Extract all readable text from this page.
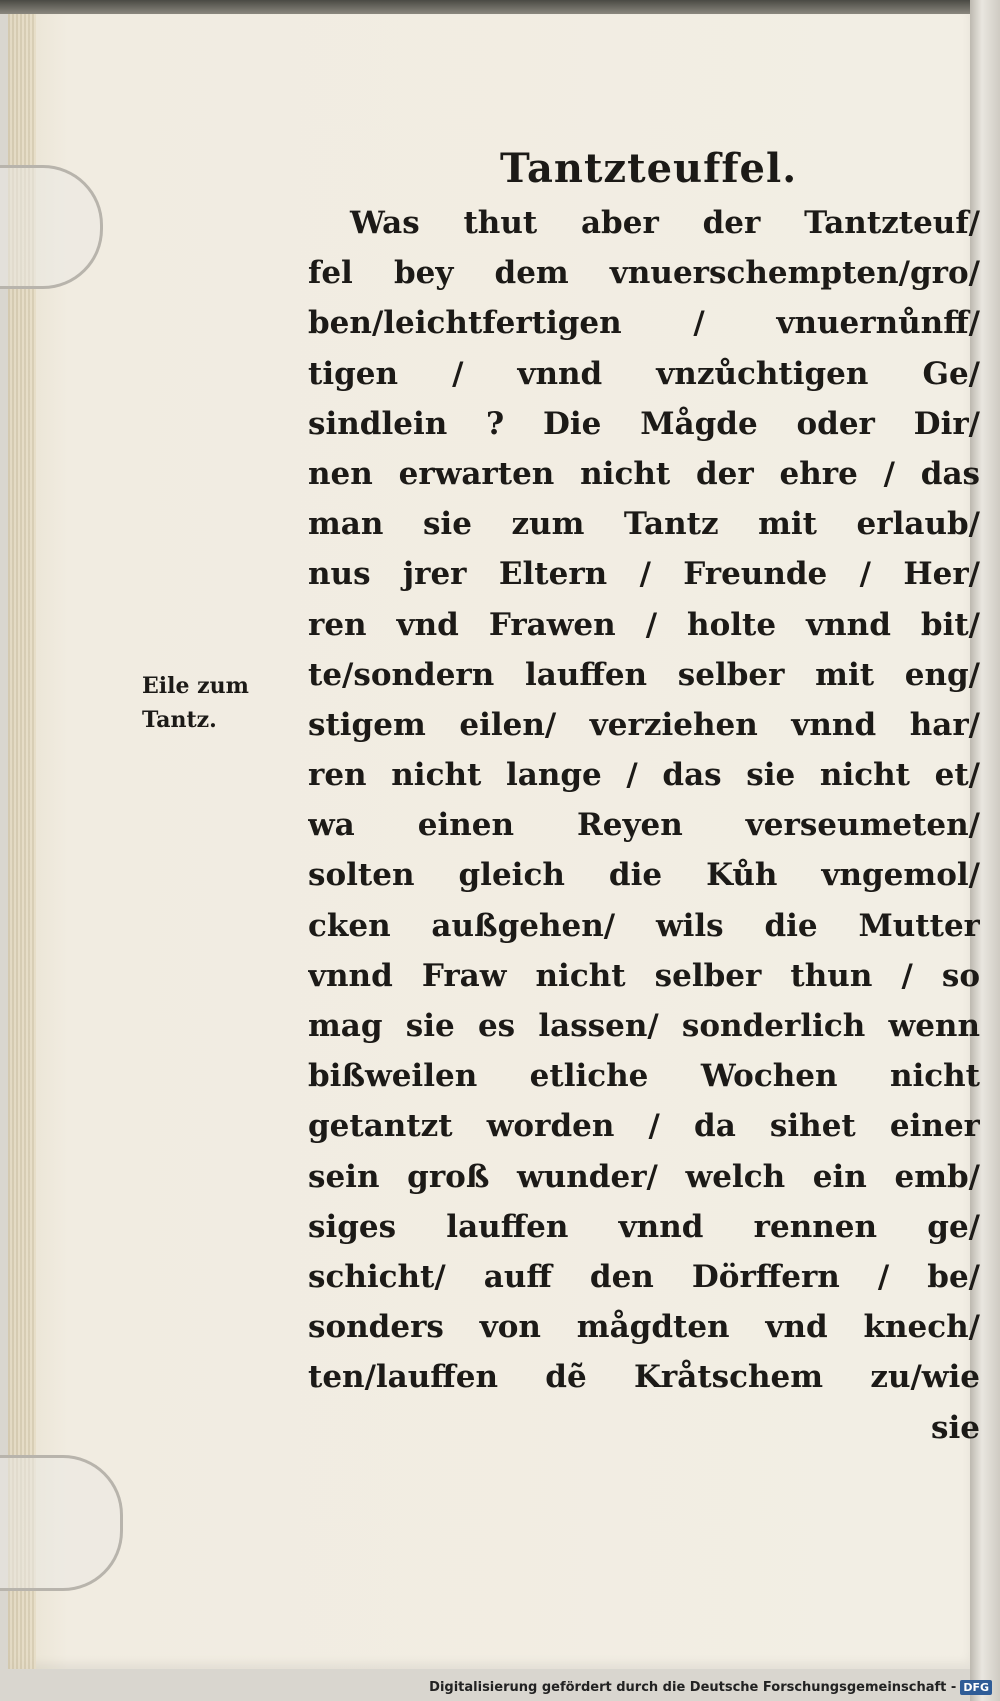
Tantzteuffel.
Was thut aber der Tantzteuf/
fel bey dem vnuerschempten/gro/
ben/leichtfertigen / vnuernůnff/
tigen / vnnd vnzůchtigen Ge/
sindlein ? Die Mågde oder Dir/
nen erwarten nicht der ehre / das
man sie zum Tantz mit erlaub/
nus jrer Eltern / Freunde / Her/
ren vnd Frawen / holte vnnd bit/
te/sondern lauffen selber mit eng/
stigem eilen/ verziehen vnnd har/
ren nicht lange / das sie nicht et/
wa einen Reyen verseumeten/
solten gleich die Kůh vngemol/
cken außgehen/ wils die Mutter
vnnd Fraw nicht selber thun / so
mag sie es lassen/ sonderlich wenn
bißweilen etliche Wochen nicht
getantzt worden / da sihet einer
sein groß wunder/ welch ein emb/
siges lauffen vnnd rennen ge/
schicht/ auff den Dörffern / be/
sonders von mågdten vnd knech/
ten/lauffen dẽ Kråtschem zu/wie
sie
Eile zum
Tantz.
Digitalisierung gefördert durch die Deutsche Forschungsgemeinschaft - DFG
